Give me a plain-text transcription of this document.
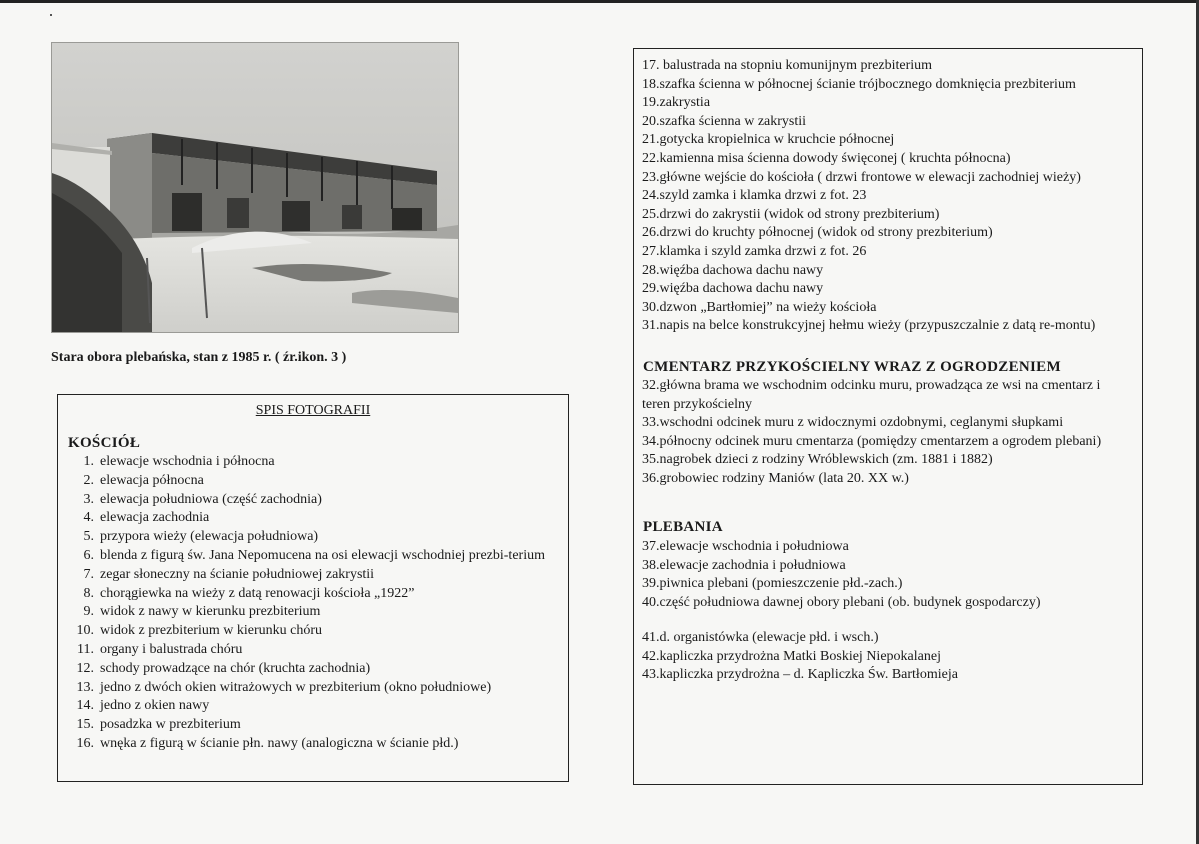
Stara obora plebańska, stan z 1985 r. ( źr.ikon. 3 )
SPIS FOTOGRAFII
KOŚCIÓŁ
1. elewacje wschodnia i północna
2. elewacja północna
3. elewacja południowa (część zachodnia)
4. elewacja zachodnia
5. przypora wieży (elewacja południowa)
6. blenda z figurą św. Jana Nepomucena na osi elewacji wschodniej prezbi-terium
7. zegar słoneczny na ścianie południowej zakrystii
8. chorągiewka na wieży z datą renowacji kościoła „1922”
9. widok z nawy w kierunku prezbiterium
10. widok z prezbiterium w kierunku chóru
11. organy i balustrada chóru
12. schody prowadzące na chór (kruchta zachodnia)
13. jedno z dwóch okien witrażowych w prezbiterium (okno południowe)
14. jedno z okien nawy
15. posadzka w prezbiterium
16. wnęka z figurą w ścianie płn. nawy (analogiczna w ścianie płd.)
17. balustrada na stopniu komunijnym prezbiterium
18.szafka ścienna w północnej ścianie trójbocznego domknięcia prezbiterium
19.zakrystia
20.szafka ścienna w zakrystii
21.gotycka kropielnica w kruchcie północnej
22.kamienna misa ścienna dowody święconej ( kruchta północna)
23.główne wejście do kościoła ( drzwi frontowe w elewacji zachodniej wieży)
24.szyld zamka i klamka drzwi z fot. 23
25.drzwi do zakrystii (widok od strony prezbiterium)
26.drzwi do kruchty północnej (widok od strony prezbiterium)
27.klamka i szyld zamka drzwi z fot. 26
28.więźba dachowa dachu nawy
29.więźba dachowa dachu nawy
30.dzwon „Bartłomiej” na wieży kościoła
31.napis na belce konstrukcyjnej hełmu wieży (przypuszczalnie z datą re-montu)
CMENTARZ PRZYKOŚCIELNY WRAZ Z OGRODZENIEM
32.główna brama we wschodnim odcinku muru, prowadząca ze wsi na cmentarz i teren przykościelny
33.wschodni odcinek muru z widocznymi ozdobnymi, ceglanymi słupkami
34.północny odcinek muru cmentarza (pomiędzy cmentarzem a ogrodem plebani)
35.nagrobek dzieci z rodziny Wróblewskich (zm. 1881 i 1882)
36.grobowiec rodziny Maniów (lata 20. XX w.)
PLEBANIA
37.elewacje wschodnia i południowa
38.elewacje zachodnia i południowa
39.piwnica plebani (pomieszczenie płd.-zach.)
40.część południowa dawnej obory plebani (ob. budynek gospodarczy)
41.d. organistówka (elewacje płd. i wsch.)
42.kapliczka przydrożna Matki Boskiej Niepokalanej
43.kapliczka przydrożna – d. Kapliczka Św. Bartłomieja
